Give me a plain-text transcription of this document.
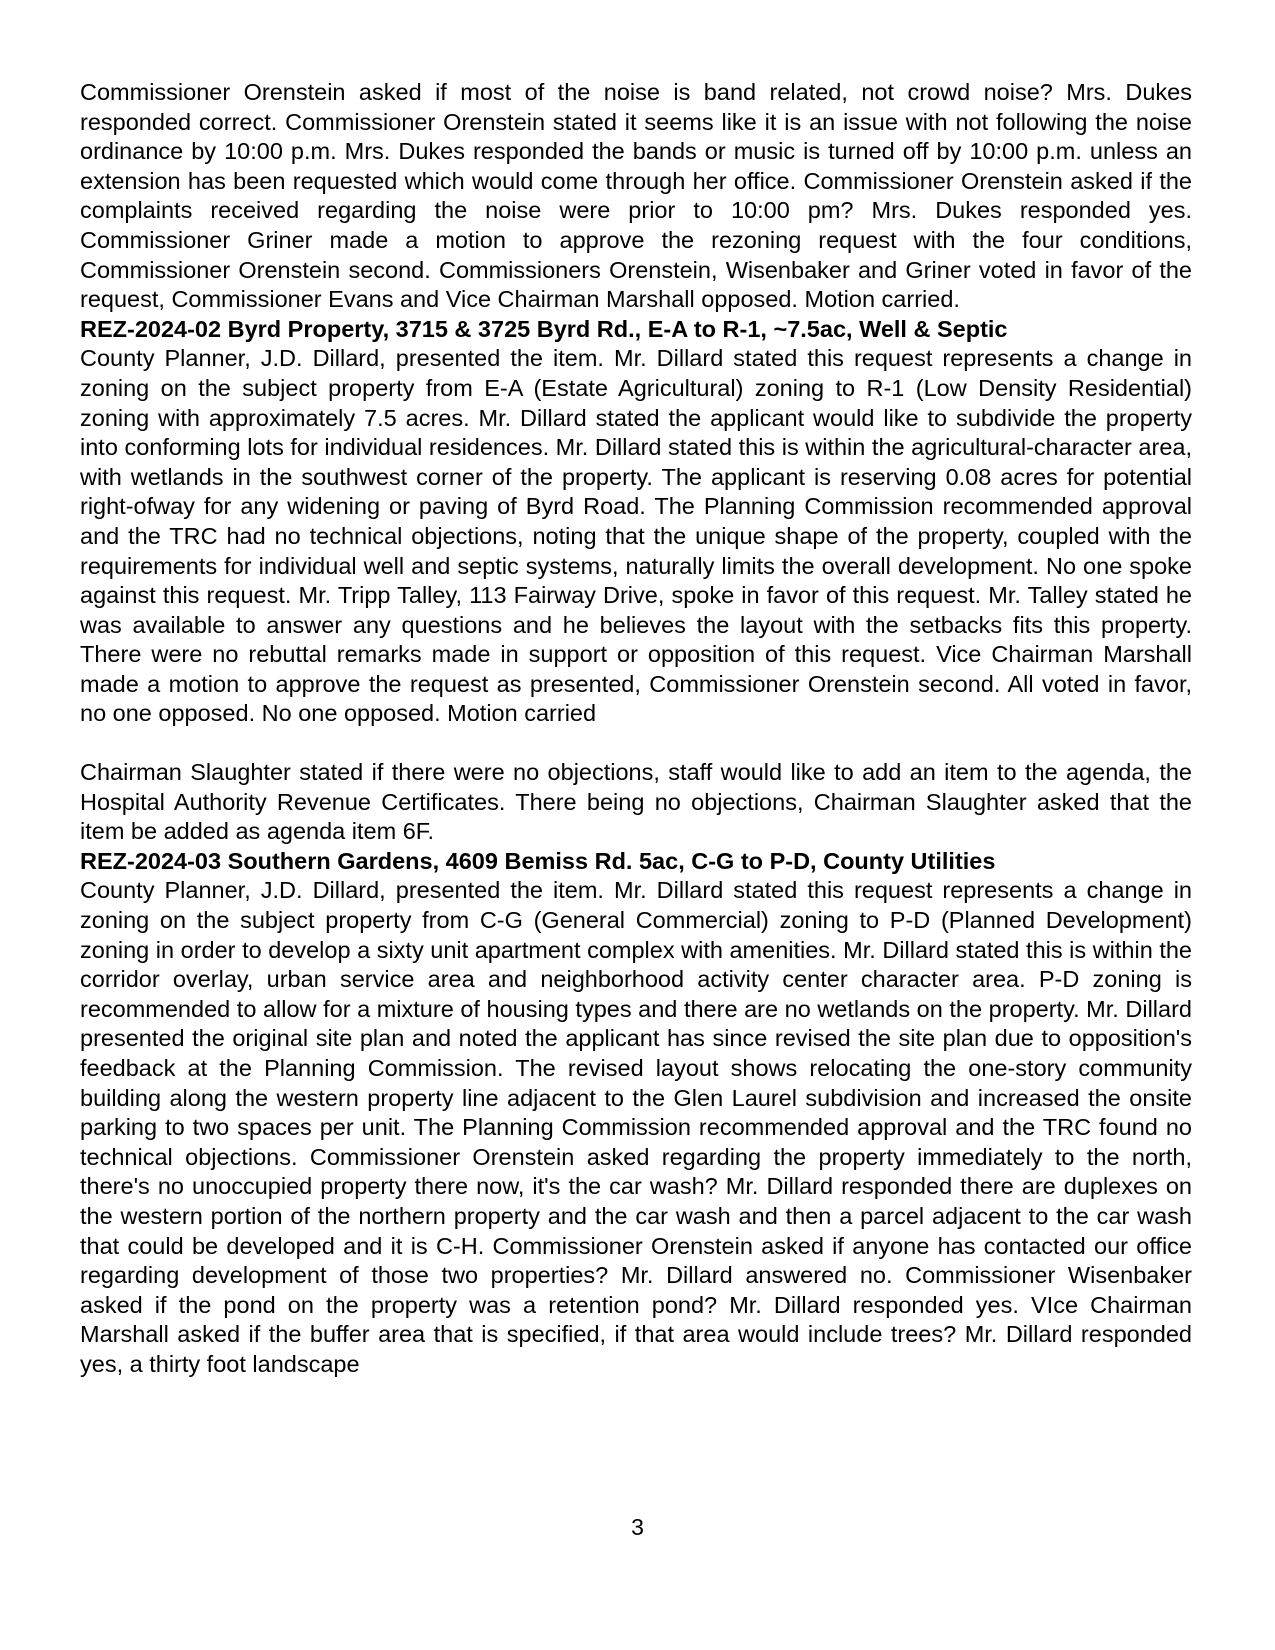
Commissioner Orenstein asked if most of the noise is band related, not crowd noise? Mrs. Dukes responded correct. Commissioner Orenstein stated it seems like it is an issue with not following the noise ordinance by 10:00 p.m. Mrs. Dukes responded the bands or music is turned off by 10:00 p.m. unless an extension has been requested which would come through her office. Commissioner Orenstein asked if the complaints received regarding the noise were prior to 10:00 pm? Mrs. Dukes responded yes. Commissioner Griner made a motion to approve the rezoning request with the four conditions, Commissioner Orenstein second. Commissioners Orenstein, Wisenbaker and Griner voted in favor of the request, Commissioner Evans and Vice Chairman Marshall opposed. Motion carried.

REZ-2024-02 Byrd Property, 3715 & 3725 Byrd Rd., E-A to R-1, ~7.5ac, Well & Septic

County Planner, J.D. Dillard, presented the item. Mr. Dillard stated this request represents a change in zoning on the subject property from E-A (Estate Agricultural) zoning to R-1 (Low Density Residential) zoning with approximately 7.5 acres. Mr. Dillard stated the applicant would like to subdivide the property into conforming lots for individual residences. Mr. Dillard stated this is within the agricultural-character area, with wetlands in the southwest corner of the property. The applicant is reserving 0.08 acres for potential right-ofway for any widening or paving of Byrd Road. The Planning Commission recommended approval and the TRC had no technical objections, noting that the unique shape of the property, coupled with the requirements for individual well and septic systems, naturally limits the overall development. No one spoke against this request. Mr. Tripp Talley, 113 Fairway Drive, spoke in favor of this request. Mr. Talley stated he was available to answer any questions and he believes the layout with the setbacks fits this property. There were no rebuttal remarks made in support or opposition of this request. Vice Chairman Marshall made a motion to approve the request as presented, Commissioner Orenstein second. All voted in favor, no one opposed. No one opposed. Motion carried

Chairman Slaughter stated if there were no objections, staff would like to add an item to the agenda, the Hospital Authority Revenue Certificates. There being no objections, Chairman Slaughter asked that the item be added as agenda item 6F.

REZ-2024-03 Southern Gardens, 4609 Bemiss Rd. 5ac, C-G to P-D, County Utilities

County Planner, J.D. Dillard, presented the item. Mr. Dillard stated this request represents a change in zoning on the subject property from C-G (General Commercial) zoning to P-D (Planned Development) zoning in order to develop a sixty unit apartment complex with amenities. Mr. Dillard stated this is within the corridor overlay, urban service area and neighborhood activity center character area. P-D zoning is recommended to allow for a mixture of housing types and there are no wetlands on the property. Mr. Dillard presented the original site plan and noted the applicant has since revised the site plan due to opposition's feedback at the Planning Commission. The revised layout shows relocating the one-story community building along the western property line adjacent to the Glen Laurel subdivision and increased the onsite parking to two spaces per unit. The Planning Commission recommended approval and the TRC found no technical objections. Commissioner Orenstein asked regarding the property immediately to the north, there's no unoccupied property there now, it's the car wash? Mr. Dillard responded there are duplexes on the western portion of the northern property and the car wash and then a parcel adjacent to the car wash that could be developed and it is C-H. Commissioner Orenstein asked if anyone has contacted our office regarding development of those two properties? Mr. Dillard answered no. Commissioner Wisenbaker asked if the pond on the property was a retention pond? Mr. Dillard responded yes. VIce Chairman Marshall asked if the buffer area that is specified, if that area would include trees? Mr. Dillard responded yes, a thirty foot landscape

3
